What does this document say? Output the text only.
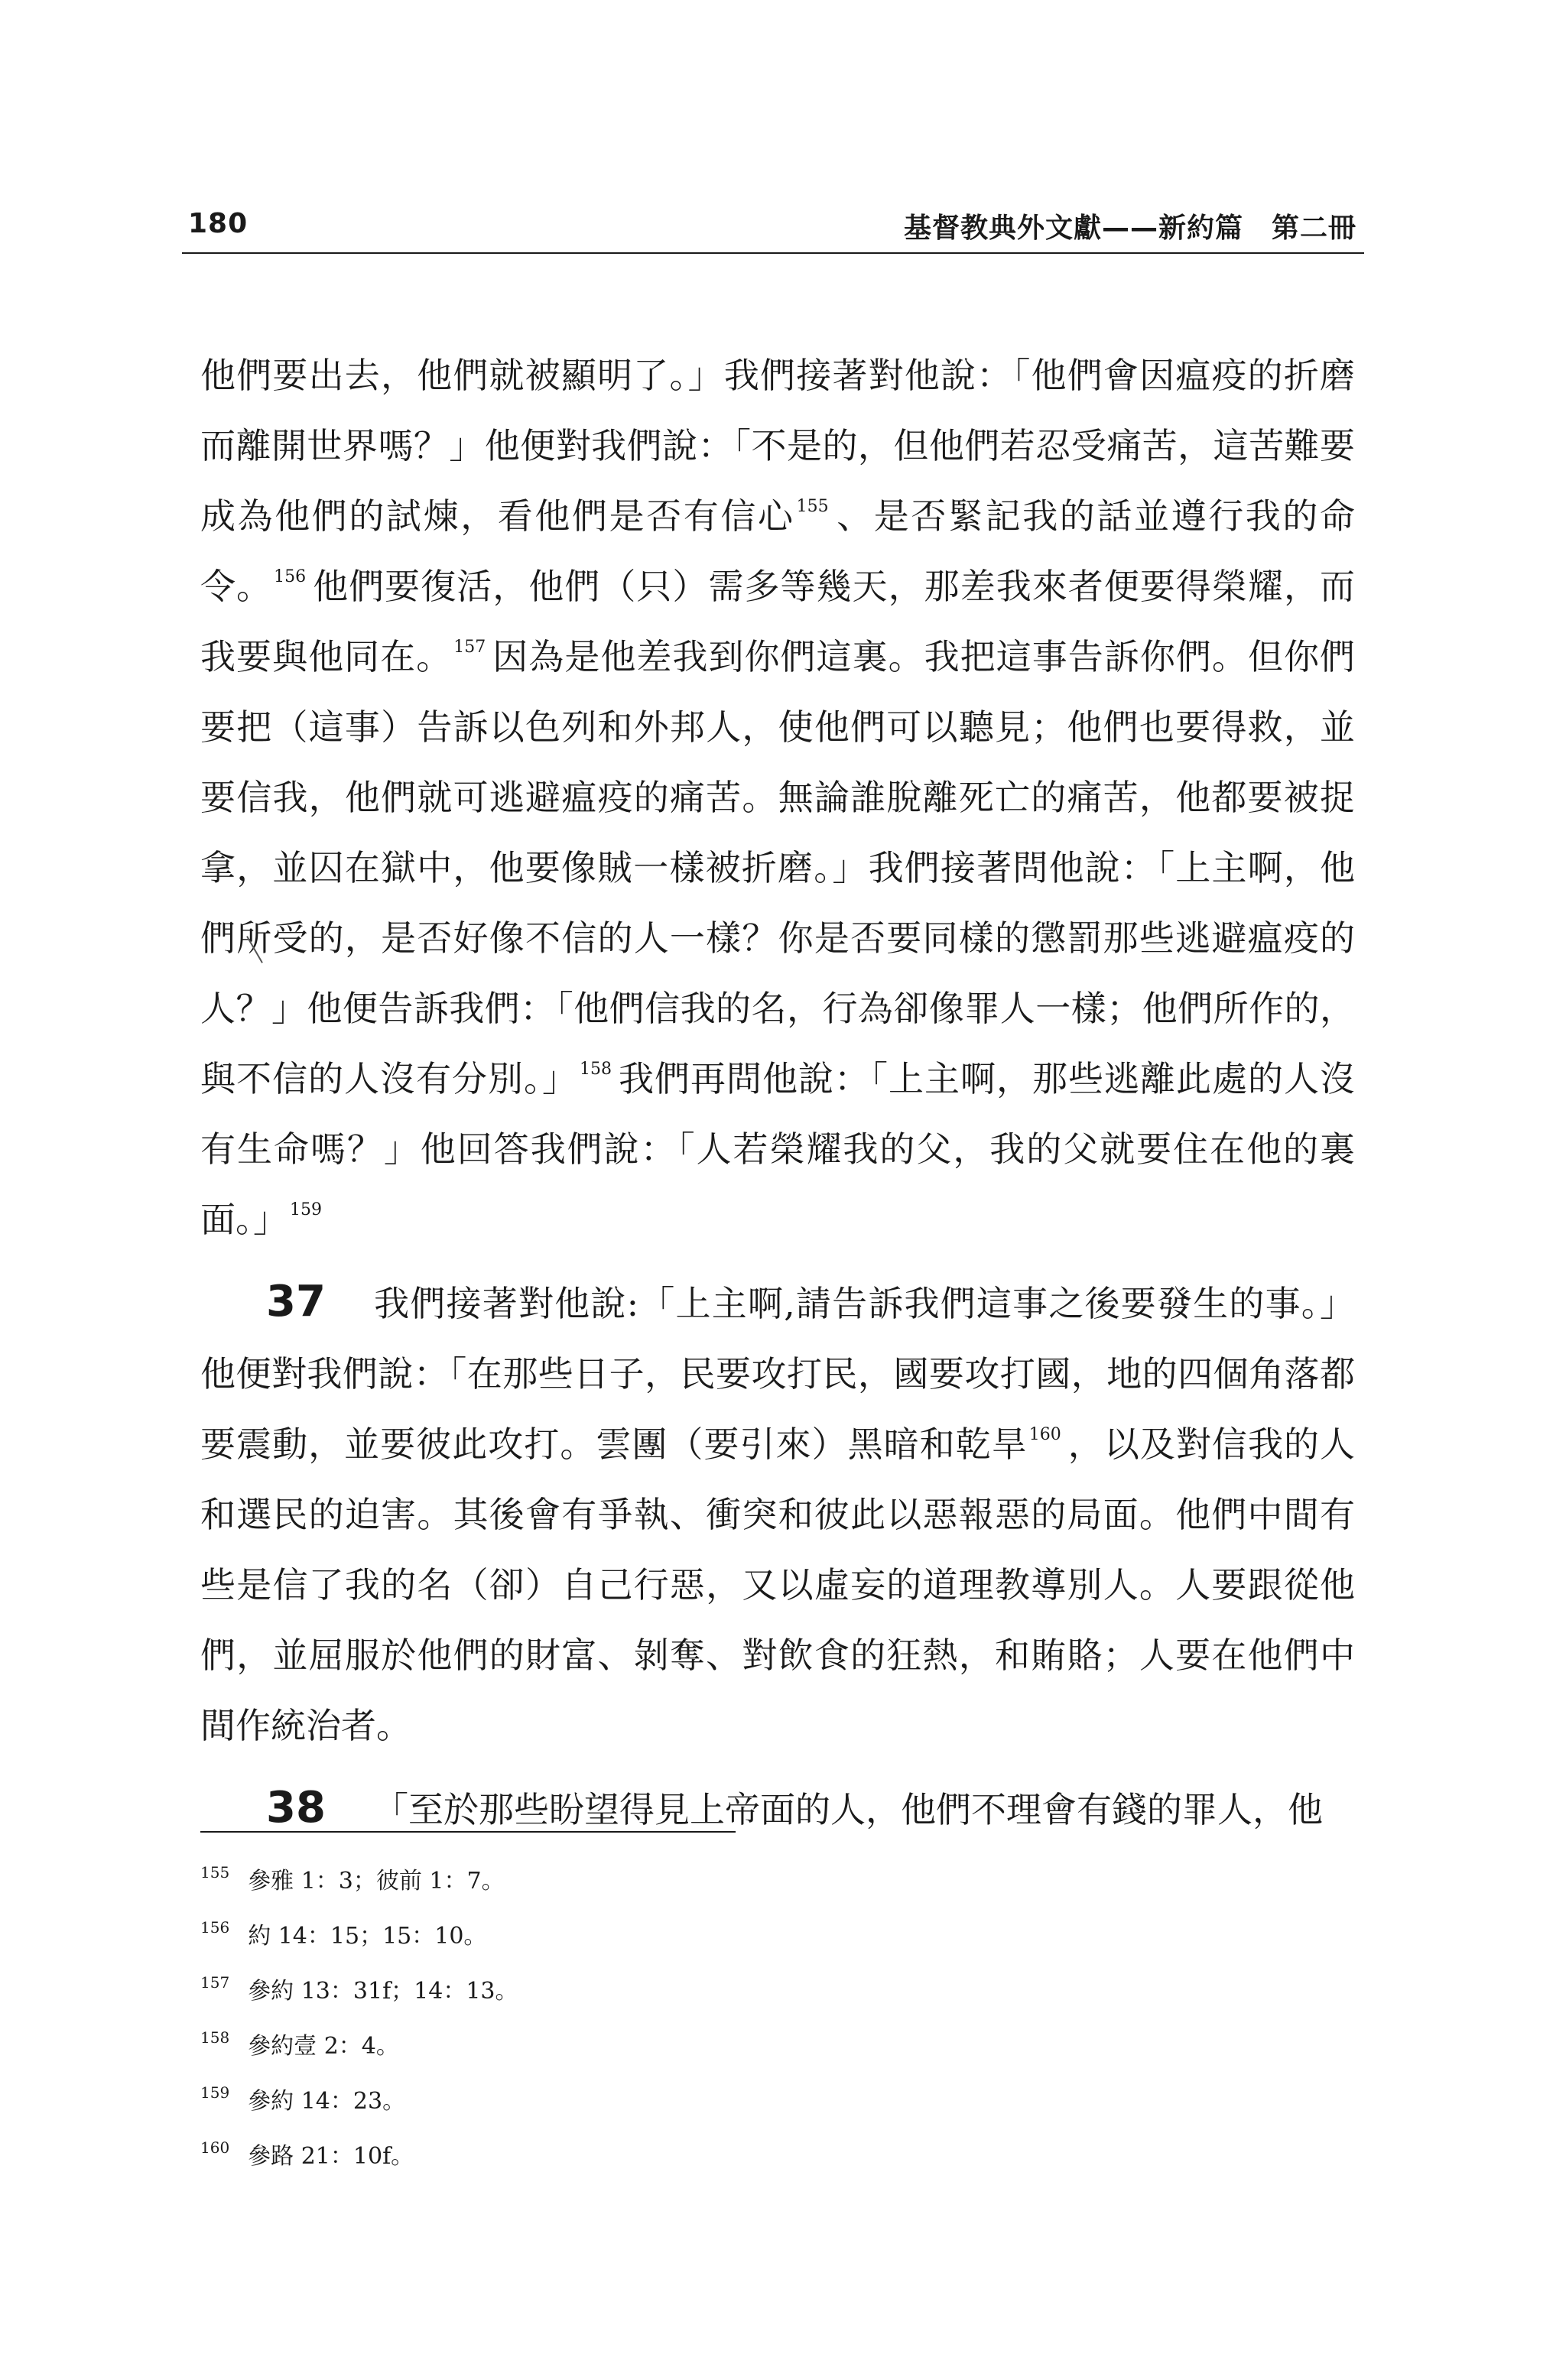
180	基督教典外文獻——新約篇　第二冊

他們要出去，他們就被顯明了。」我們接著對他說：「他們會因瘟疫的折磨而離開世界嗎？」他便對我們說：「不是的，但他們若忍受痛苦，這苦難要成為他們的試煉，看他們是否有信心$^{155}$ 、是否緊記我的話並遵行我的命令。$^{156}$ 他們要復活，他們（只）需多等幾天，那差我來者便要得榮耀，而我要與他同在。$^{157}$ 因為是他差我到你們這裏。我把這事告訴你們。但你們要把（這事）告訴以色列和外邦人，使他們可以聽見；他們也要得救，並要信我，他們就可逃避瘟疫的痛苦。無論誰脫離死亡的痛苦，他都要被捉拿，並囚在獄中，他要像賊一樣被折磨。」我們接著問他說：「上主啊，他們所受的，是否好像不信的人一樣？你是否要同樣的懲罰那些逃避瘟疫的人？」他便告訴我們：「他們信我的名，行為卻像罪人一樣；他們所作的，與不信的人沒有分別。」$^{158}$ 我們再問他說：「上主啊，那些逃離此處的人沒有生命嗎？」他回答我們說：「人若榮耀我的父，我的父就要住在他的裏面。」$^{159}$

37 我們接著對他說:「上主啊,請告訴我們這事之後要發生的事。」他便對我們說：「在那些日子，民要攻打民，國要攻打國，地的四個角落都要震動，並要彼此攻打。雲團（要引來）黑暗和乾旱$^{160}$ ，以及對信我的人和選民的迫害。其後會有爭執、衝突和彼此以惡報惡的局面。他們中間有些是信了我的名（卻）自己行惡，又以虛妄的道理教導別人。人要跟從他們，並屈服於他們的財富、剝奪、對飲食的狂熱，和賄賂；人要在他們中間作統治者。

38 「至於那些盼望得見上帝面的人，他們不理會有錢的罪人，他

$^{155}$ 參雅 1：3；彼前 1：7。
$^{156}$ 約 14：15；15：10。
$^{157}$ 參約 13：31f；14：13。
$^{158}$ 參約壹 2：4。
$^{159}$ 參約 14：23。
$^{160}$ 參路 21：10f。
